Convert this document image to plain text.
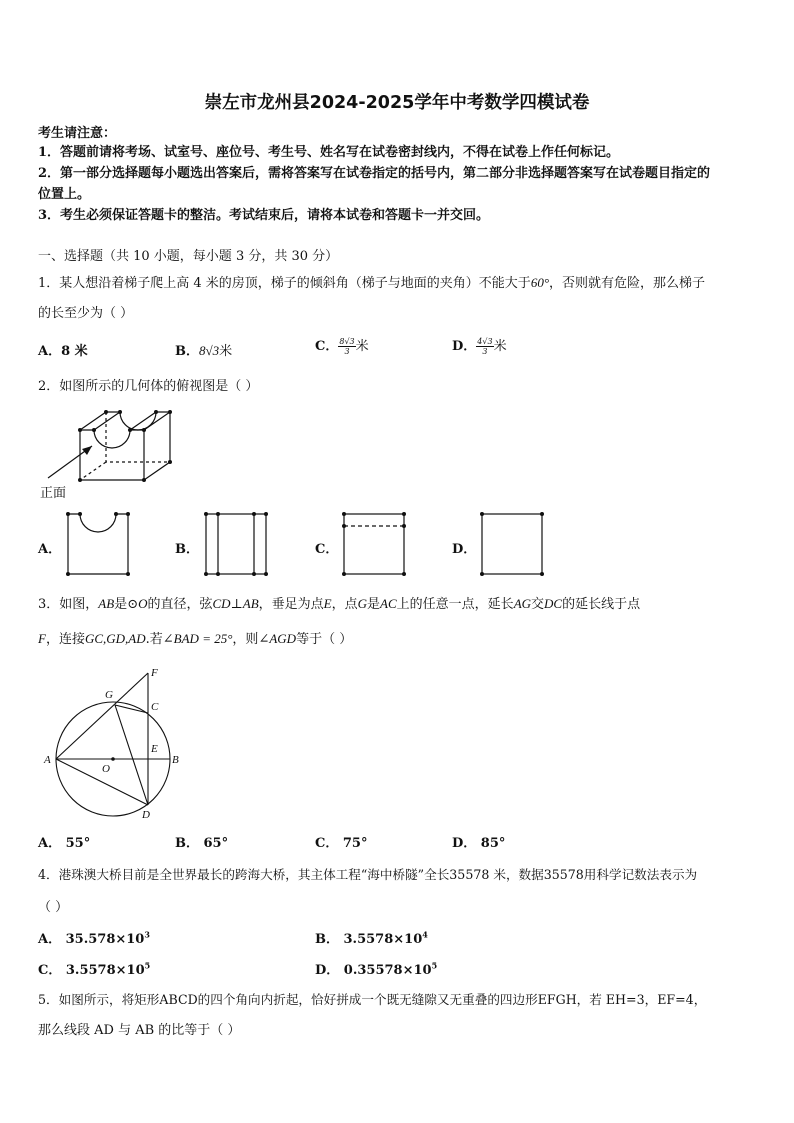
崇左市龙州县2024-2025学年中考数学四模试卷
考生请注意：
1．答题前请将考场、试室号、座位号、考生号、姓名写在试卷密封线内，不得在试卷上作任何标记。
2．第一部分选择题每小题选出答案后，需将答案写在试卷指定的括号内，第二部分非选择题答案写在试卷题目指定的
位置上。
3．考生必须保证答题卡的整洁。考试结束后，请将本试卷和答题卡一并交回。
一、选择题（共 10 小题，每小题 3 分，共 30 分）
1．某人想沿着梯子爬上高 4 米的房顶，梯子的倾斜角（梯子与地面的夹角）不能大于60°，否则就有危险，那么梯子
的长至少为（ ）
A．8 米	B．8√3米	C． $\frac{8√3}{3}$ 米	D． $\frac{4√3}{3}$ 米
2．如图所示的几何体的俯视图是（ ）
正面
A．	B．	C．	D．
3．如图，AB是⊙O的直径，弦CD⊥AB，垂足为点E，点G是AC上的任意一点，延长AG交DC的延长线于点
F，连接GC,GD,AD.若∠BAD = 25°，则∠AGD等于（ ）
F
G
C
E
A
O
B
D
A． 55°	B． 65°	C． 75°	D． 85°
4．港珠澳大桥目前是全世界最长的跨海大桥，其主体工程“海中桥隧”全长35578 米，数据35578用科学记数法表示为
（ ）
A． $35.578\times 10^3$	B． $3.5578\times 10^4$
C． $3.5578\times 10^5$	D． $0.35578\times 10^5$
5．如图所示，将矩形ABCD的四个角向内折起，恰好拼成一个既无缝隙又无重叠的四边形EFGH，若 EH=3，EF=4，
那么线段 AD 与 AB 的比等于（ ）
